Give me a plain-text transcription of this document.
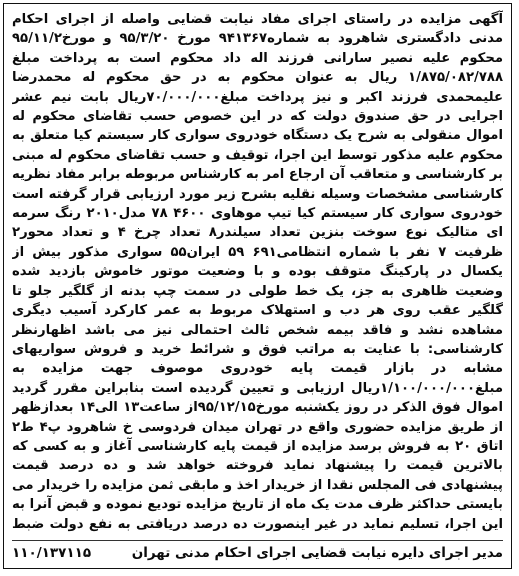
آگهی مزایده در راستای اجرای مفاد نیابت قضایی واصله از اجرای احکام مدنی دادگستری شاهرود به شماره۹۴۱۳۶۷ مورخ ۹۵/۳/۲۰ و مورخ۹۵/۱۱/۲ محکوم علیه نصیر سارانی فرزند اله داد محکوم است به پرداخت مبلغ ۱/۸۷۵/۰۸۲/۷۸۸ ریال به عنوان محکوم به در حق محکوم له محمدرضا علیمحمدی فرزند اکبر و نیز پرداخت مبلغ۷۰/۰۰۰/۰۰۰ریال بابت نیم عشر اجرایی در حق صندوق دولت که در این خصوص حسب تقاضای محکوم له اموال منقولی به شرح یک دستگاه خودروی سواری کار سیستم کیا متعلق به محکوم علیه مذکور توسط این اجرا، توقیف و حسب تقاضای محکوم له مبنی بر کارشناسی و متعاقب آن ارجاع امر به کارشناس مربوطه برابر مفاد نظریه کارشناسی مشخصات وسیله نقلیه بشرح زیر مورد ارزیابی قرار گرفته است خودروی سواری کار سیستم کیا تیپ موهاوی ۴۶۰۰ ۷۸ مدل۲۰۱۰ رنگ سرمه ای متالیک نوع سوخت بنزین تعداد سیلندر۸ تعداد چرخ ۴ و تعداد محور۲ ظرفیت ۷ نفر با شماره انتظامی۶۹۱ ۵۹ ایران۵۵ سواری مذکور بیش از یکسال در پارکینگ متوقف بوده و با وضعیت موتور خاموش بازدید شده وضعیت ظاهری به جز، یک خط طولی در سمت چپ بدنه از گلگیر جلو تا گلگیر عقب روی هر دب و استهلاک مربوط به عمر کارکرد آسیب دیگری مشاهده نشد و فاقد بیمه شخص ثالث احتمالی نیز می باشد اظهارنظر کارشناسی: با عنایت به مراتب فوق و شرائط خرید و فروش سواریهای مشابه در بازار قیمت پایه خودروی موصوف جهت مزایده به مبلغ۱/۱۰۰/۰۰۰/۰۰۰ریال ارزیابی و تعیین گردیده است بنابراین مقرر گردید اموال فوق الذکر در روز یکشنبه مورخ۹۵/۱۲/۱۵از ساعت۱۳ الی۱۴ بعدازظهر از طریق مزایده حضوری واقع در تهران میدان فردوسی خ شاهرود پ۴ ط۲ اتاق ۲۰ به فروش برسد مزایده از قیمت پایه کارشناسی آغاز و به کسی که بالاترین قیمت را پیشنهاد نماید فروخته خواهد شد و ده درصد قیمت پیشنهادی فی المجلس نقدا از خریدار اخذ و مابقی ثمن مزایده را خریدار می بایستی حداکثر ظرف مدت یک ماه از تاریخ مزایده تودیع نموده و قبض آنرا به این اجرا، تسلیم نماید در غیر اینصورت ده درصد دریافتی به نفع دولت ضبط

مدیر اجرای دایره نیابت قضایی اجرای احکام مدنی تهران
۱۱۰/۱۳۷۱۱۵
